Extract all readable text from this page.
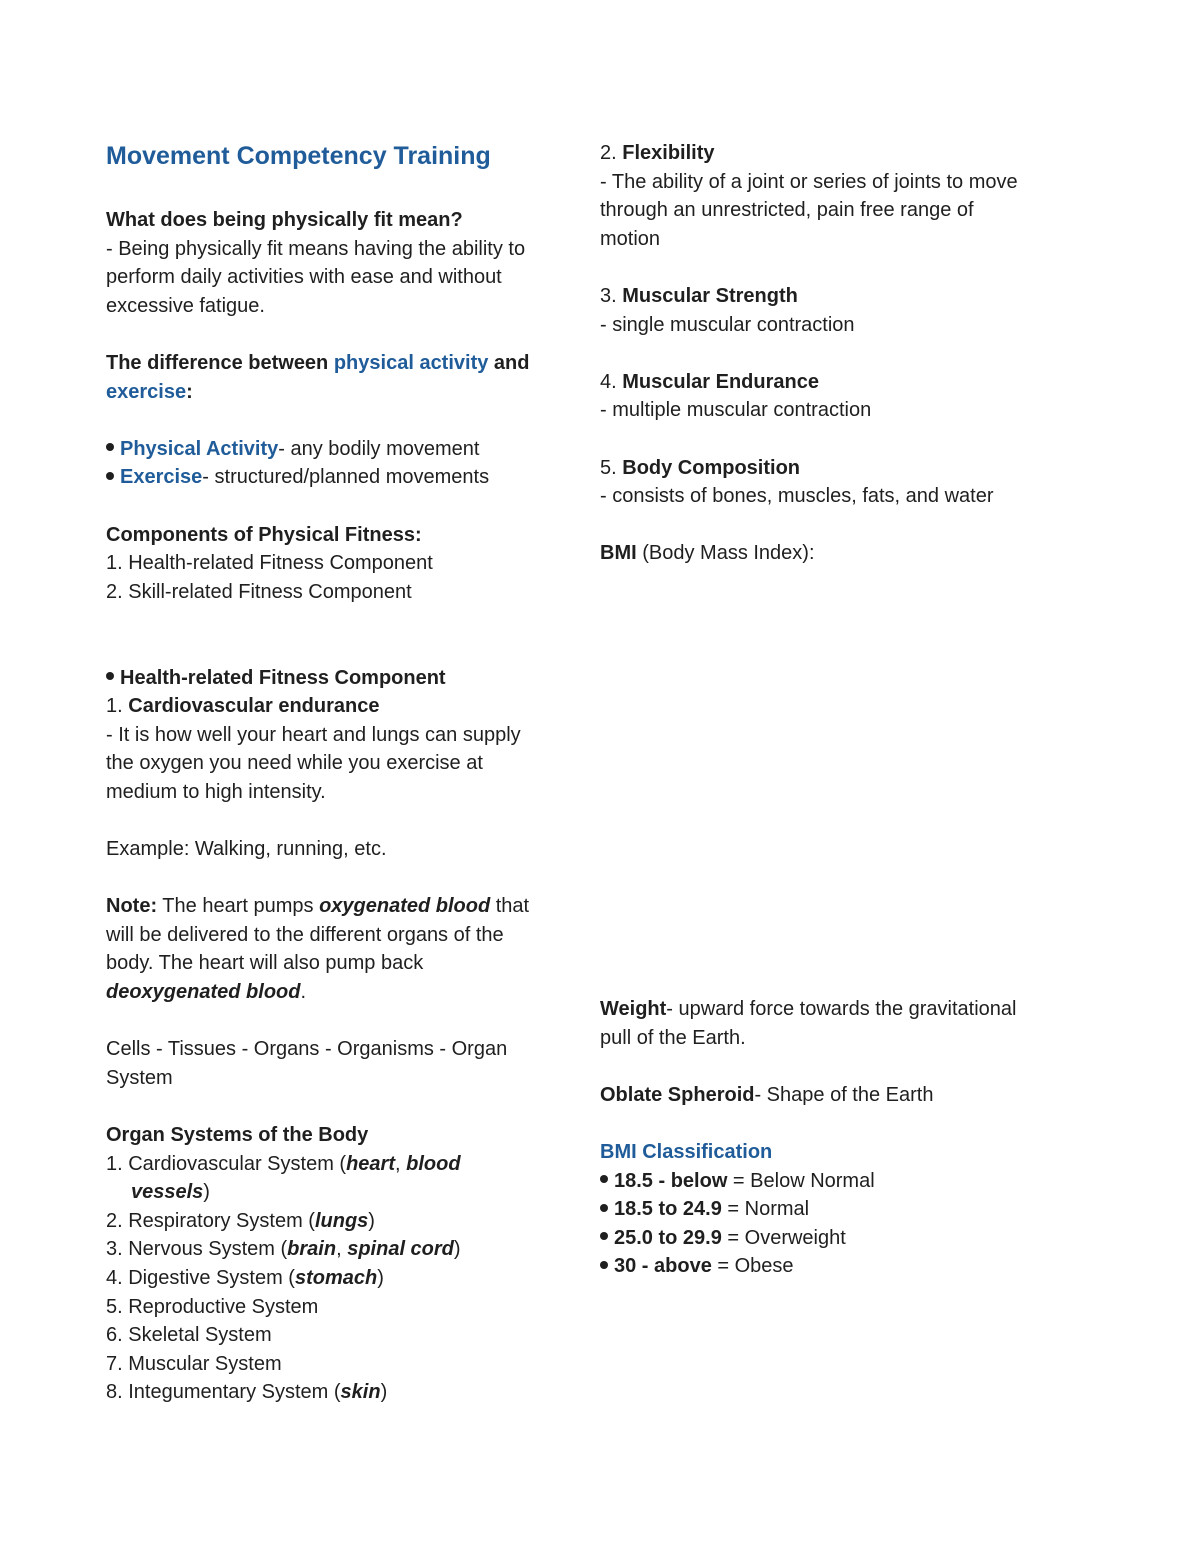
Movement Competency Training

What does being physically fit mean?

- Being physically fit means having the ability to

perform daily activities with ease and without

excessive fatigue.

The difference between physical activity and

exercise:

Physical Activity- any bodily movement

Exercise- structured/planned movements

Components of Physical Fitness:

1. Health-related Fitness Component

2. Skill-related Fitness Component

Health-related Fitness Component

1. Cardiovascular endurance

- It is how well your heart and lungs can supply

the oxygen you need while you exercise at

medium to high intensity.

Example: Walking, running, etc.

Note: The heart pumps oxygenated blood that

will be delivered to the different organs of the

body. The heart will also pump back

deoxygenated blood.

Cells - Tissues - Organs - Organisms - Organ

System

Organ Systems of the Body

1. Cardiovascular System (heart, blood

vessels)

2. Respiratory System (lungs)

3. Nervous System (brain, spinal cord)

4. Digestive System (stomach)

5. Reproductive System

6. Skeletal System

7. Muscular System

8. Integumentary System (skin)

2. Flexibility

- The ability of a joint or series of joints to move

through an unrestricted, pain free range of

motion

3. Muscular Strength

- single muscular contraction

4. Muscular Endurance

- multiple muscular contraction

5. Body Composition

- consists of bones, muscles, fats, and water

BMI (Body Mass Index):

Weight- upward force towards the gravitational

pull of the Earth.

Oblate Spheroid- Shape of the Earth

BMI Classification

18.5 - below = Below Normal

18.5 to 24.9 = Normal

25.0 to 29.9 = Overweight

30 - above = Obese
